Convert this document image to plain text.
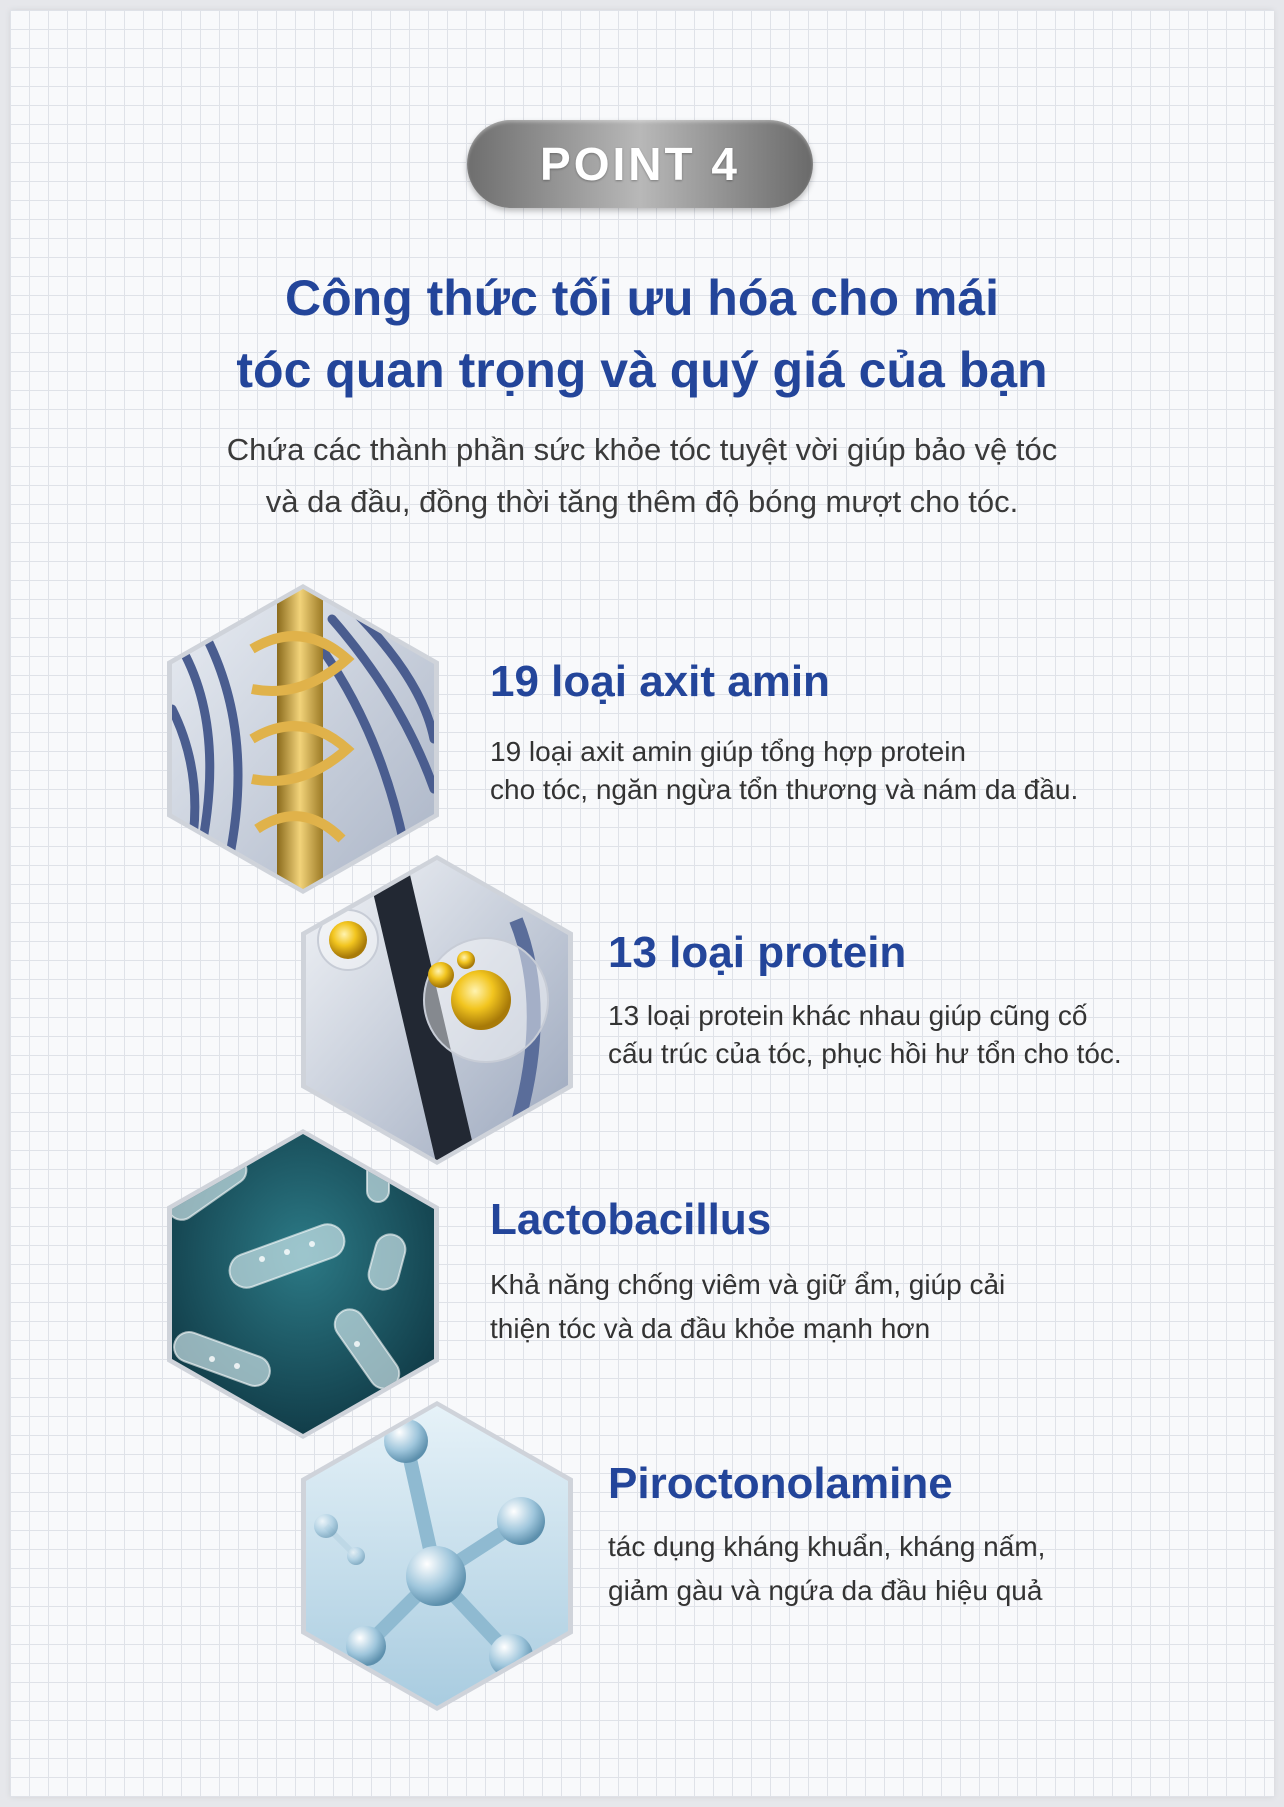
POINT 4
Công thức tối ưu hóa cho mái
tóc quan trọng và quý giá của bạn
Chứa các thành phần sức khỏe tóc tuyệt vời giúp bảo vệ tóc
và da đầu, đồng thời tăng thêm độ bóng mượt cho tóc.
19 loại axit amin
19 loại axit amin giúp tổng hợp protein
cho tóc, ngăn ngừa tổn thương và nám da đầu.
13 loại protein
13 loại protein khác nhau giúp cũng cố
cấu trúc của tóc, phục hồi hư tổn cho tóc.
Lactobacillus
Khả năng chống viêm và giữ ẩm, giúp cải
thiện tóc và da đầu khỏe mạnh hơn
Piroctonolamine
tác dụng kháng khuẩn, kháng nấm,
giảm gàu và ngứa da đầu hiệu quả
